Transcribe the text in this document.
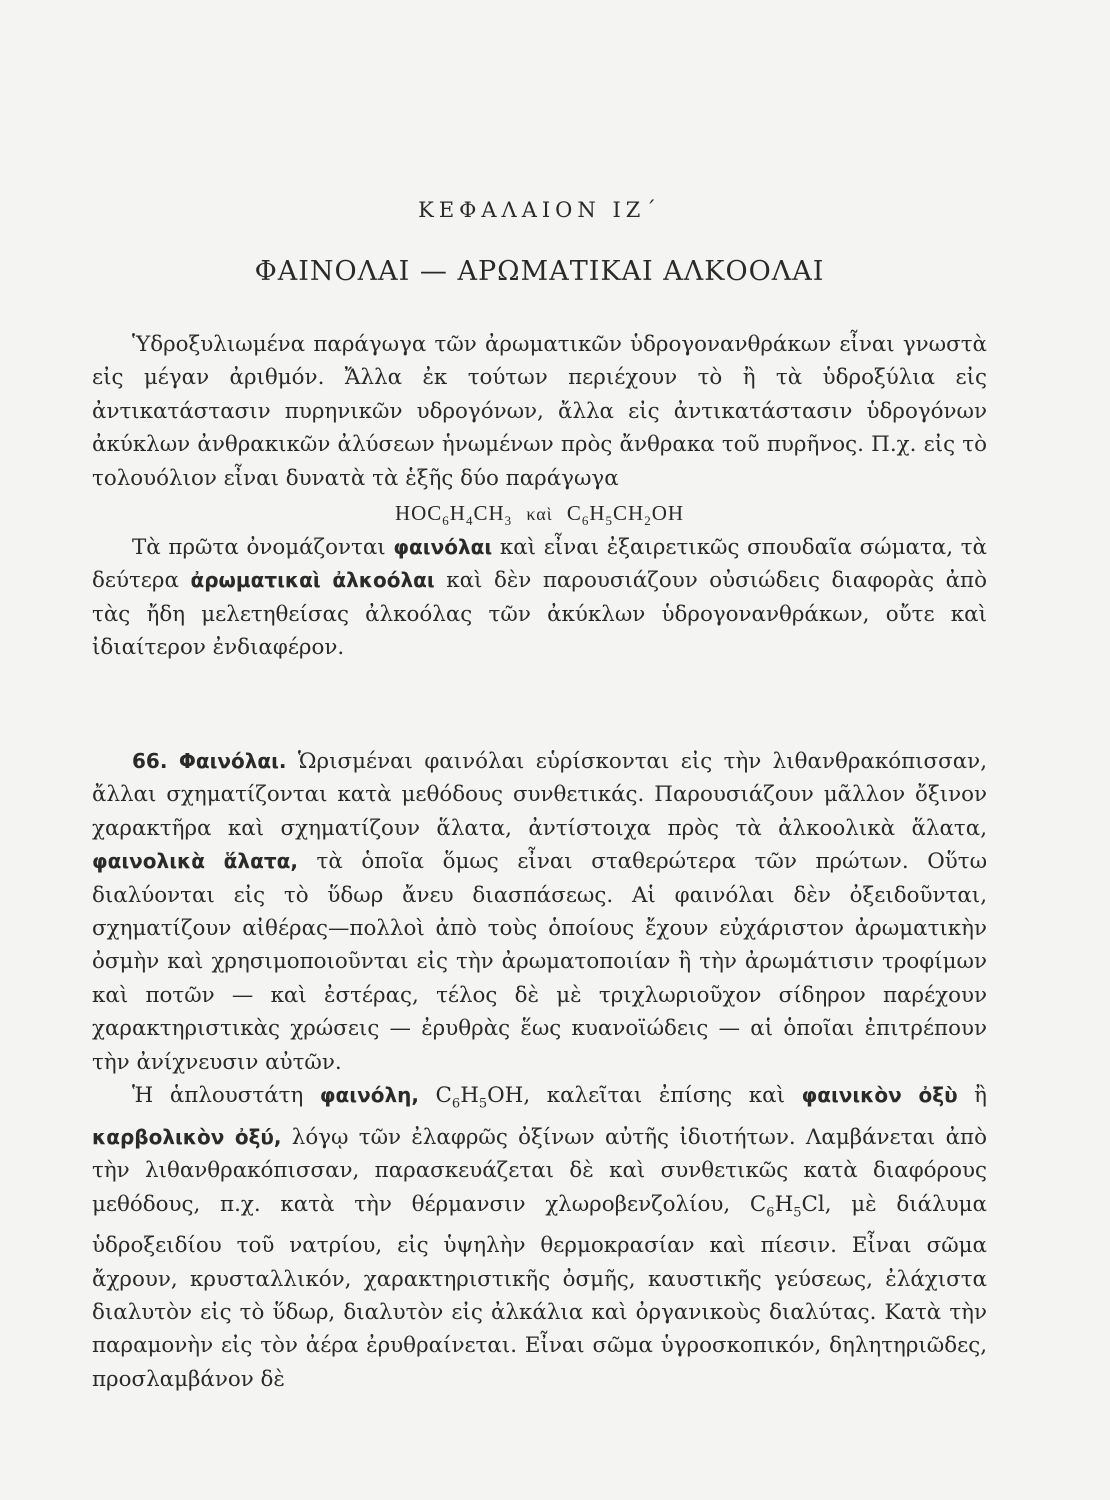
ΚΕΦΑΛΑΙΟΝ ΙΖ΄
ΦΑΙΝΟΛΑΙ — ΑΡΩΜΑΤΙΚΑΙ ΑΛΚΟΟΛΑΙ

Ὑδροξυλιωμένα παράγωγα τῶν ἀρωματικῶν ὑδρογονανθράκων εἶναι γνωστὰ εἰς μέγαν ἀριθμόν. Ἄλλα ἐκ τούτων περιέχουν τὸ ἢ τὰ ὑδροξύλια εἰς ἀντικατάστασιν πυρηνικῶν υδρογόνων, ἄλλα εἰς ἀντικατάστασιν ὑδρογόνων ἀκύκλων ἀνθρακικῶν ἀλύσεων ἡνωμένων πρὸς ἄνθρακα τοῦ πυρῆνος. Π.χ. εἰς τὸ τολουόλιον εἶναι δυνατὰ τὰ ἑξῆς δύο παράγωγα

$HOC_6H_4CH_3$ καὶ $C_6H_5CH_2OH$

Τὰ πρῶτα ὀνομάζονται φαινόλαι καὶ εἶναι ἐξαιρετικῶς σπουδαῖα σώματα, τὰ δεύτερα ἀρωματικαὶ ἀλκοόλαι καὶ δὲν παρουσιάζουν οὐσιώδεις διαφορὰς ἀπὸ τὰς ἤδη μελετηθείσας ἀλκοόλας τῶν ἀκύκλων ὑδρογονανθράκων, οὔτε καὶ ἰδιαίτερον ἐνδιαφέρον.

66. Φαινόλαι. Ὡρισμέναι φαινόλαι εὑρίσκονται εἰς τὴν λιθανθρακόπισσαν, ἄλλαι σχηματίζονται κατὰ μεθόδους συνθετικάς. Παρουσιάζουν μᾶλλον ὄξινον χαρακτῆρα καὶ σχηματίζουν ἅλατα, ἀντίστοιχα πρὸς τὰ ἀλκοολικὰ ἅλατα, φαινολικὰ ἅλατα, τὰ ὁποῖα ὅμως εἶναι σταθερώτερα τῶν πρώτων. Οὕτω διαλύονται εἰς τὸ ὕδωρ ἄνευ διασπάσεως. Αἱ φαινόλαι δὲν ὀξειδοῦνται, σχηματίζουν αἰθέρας—πολλοὶ ἀπὸ τοὺς ὁποίους ἔχουν εὐχάριστον ἀρωματικὴν ὀσμὴν καὶ χρησιμοποιοῦνται εἰς τὴν ἀρωματοποιίαν ἢ τὴν ἀρωμάτισιν τροφίμων καὶ ποτῶν — καὶ ἐστέρας, τέλος δὲ μὲ τριχλωριοῦχον σίδηρον παρέχουν χαρακτηριστικὰς χρώσεις — ἐρυθρὰς ἕως κυανοϊώδεις — αἱ ὁποῖαι ἐπιτρέπουν τὴν ἀνίχνευσιν αὐτῶν.

Ἡ ἁπλουστάτη φαινόλη, $C_6H_5OH$, καλεῖται ἐπίσης καὶ φαινικὸν ὀξὺ ἢ καρβολικὸν ὀξύ, λόγῳ τῶν ἐλαφρῶς ὀξίνων αὐτῆς ἰδιοτήτων. Λαμβάνεται ἀπὸ τὴν λιθανθρακόπισσαν, παρασκευάζεται δὲ καὶ συνθετικῶς κατὰ διαφόρους μεθόδους, π.χ. κατὰ τὴν θέρμανσιν χλωροβενζολίου, $C_6H_5Cl$, μὲ διάλυμα ὑδροξειδίου τοῦ νατρίου, εἰς ὑψηλὴν θερμοκρασίαν καὶ πίεσιν. Εἶναι σῶμα ἄχρουν, κρυσταλλικόν, χαρακτηριστικῆς ὀσμῆς, καυστικῆς γεύσεως, ἐλάχιστα διαλυτὸν εἰς τὸ ὕδωρ, διαλυτὸν εἰς ἀλκάλια καὶ ὀργανικοὺς διαλύτας. Κατὰ τὴν παραμονὴν εἰς τὸν ἀέρα ἐρυθραίνεται. Εἶναι σῶμα ὑγροσκοπικόν, δηλητηριῶδες, προσλαμβάνον δὲ
